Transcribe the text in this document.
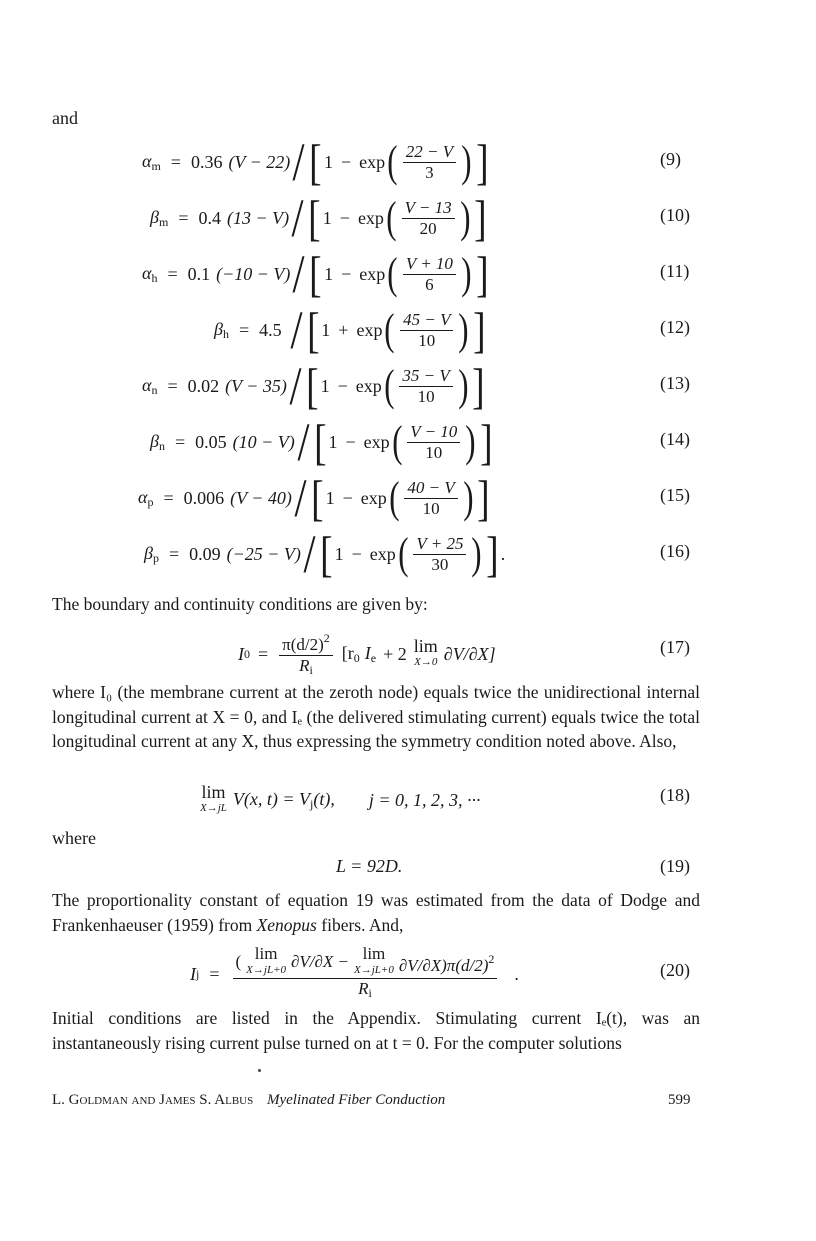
and
$\alpha_m = 0.36$ (V − 22) / [ 1 − exp ( $\frac{22 - V}{3}$ ) ]	(9)
$\beta_m = 0.4$ (13 − V) / [ 1 − exp ( $\frac{V - 13}{20}$ ) ]	(10)
$\alpha_h = 0.1$ (−10 − V) / [ 1 − exp ( $\frac{V + 10}{6}$ ) ]	(11)
$\beta_h = 4.5$ / [ 1 + exp ( $\frac{45 - V}{10}$ ) ]	(12)
$\alpha_n = 0.02$ (V − 35) / [ 1 − exp ( $\frac{35 - V}{10}$ ) ]	(13)
$\beta_n = 0.05$ (10 − V) / [ 1 − exp ( $\frac{V - 10}{10}$ ) ]	(14)
$\alpha_p = 0.006$ (V − 40) / [ 1 − exp ( $\frac{40 - V}{10}$ ) ]	(15)
$\beta_p = 0.09$ (−25 − V) / [ 1 − exp ( $\frac{V + 25}{30}$ ) ] .	(16)
The boundary and continuity conditions are given by:
I $0 = \frac{\pi(d/2)^2}{R_i} [r_0$ $I_e + 2$ lim
X→0 ∂V/∂X]	(17)
where I₀ (the membrane current at the zeroth node) equals twice the unidirectional internal longitudinal current at X = 0, and Iₑ (the delivered stimulating current) equals twice the total longitudinal current at any X, thus expressing the symmetry condition noted above. Also,
lim
X→jL V(x, $t) = V_j(t)$, j = 0, 1, 2, 3, ···	(18)
where
L = 92D.	(19)
The proportionality constant of equation 19 was estimated from the data of Dodge and Frankenhaeuser (1959) from Xenopus fibers. And,
I j =
( lim
X→jL+0 ∂V/∂X − lim
X→jL+0 $\partial V/\partial X)\pi(d/2)^2$
$R_i$
.	(20)
Initial conditions are listed in the Appendix. Stimulating current Iₑ(t), was an instantaneously rising current pulse turned on at t = 0. For the computer solutions
L. Goldman and James S. Albus Myelinated Fiber Conduction	599
